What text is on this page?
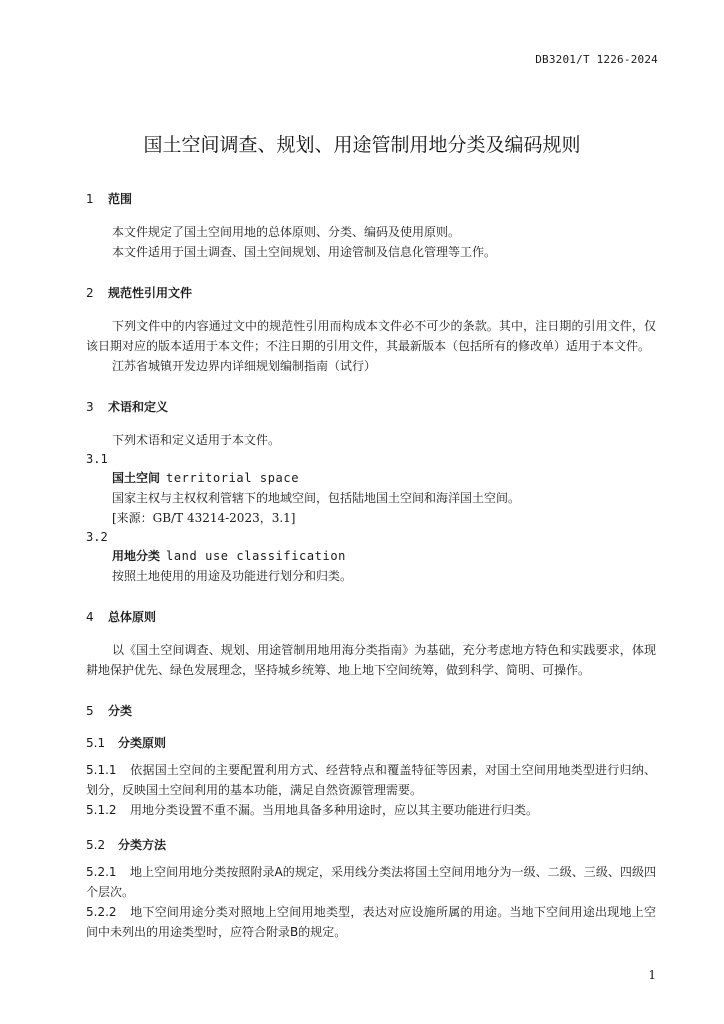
DB3201/T 1226-2024
国土空间调查、规划、用途管制用地分类及编码规则
1 范围

本文件规定了国土空间用地的总体原则、分类、编码及使用原则。

本文件适用于国土调查、国土空间规划、用途管制及信息化管理等工作。

2 规范性引用文件

下列文件中的内容通过文中的规范性引用而构成本文件必不可少的条款。其中，注日期的引用文件，仅该日期对应的版本适用于本文件；不注日期的引用文件，其最新版本（包括所有的修改单）适用于本文件。

江苏省城镇开发边界内详细规划编制指南（试行）

3 术语和定义

下列术语和定义适用于本文件。

3.1

国土空间 territorial space

国家主权与主权权利管辖下的地域空间，包括陆地国土空间和海洋国土空间。

[来源：GB/T 43214-2023，3.1]

3.2

用地分类 land use classification

按照土地使用的用途及功能进行划分和归类。

4 总体原则

以《国土空间调查、规划、用途管制用地用海分类指南》为基础，充分考虑地方特色和实践要求，体现耕地保护优先、绿色发展理念，坚持城乡统筹、地上地下空间统筹，做到科学、简明、可操作。

5 分类
5.1 分类原则

5.1.1 依据国土空间的主要配置利用方式、经营特点和覆盖特征等因素，对国土空间用地类型进行归纳、划分，反映国土空间利用的基本功能，满足自然资源管理需要。

5.1.2 用地分类设置不重不漏。当用地具备多种用途时，应以其主要功能进行归类。

5.2 分类方法

5.2.1 地上空间用地分类按照附录A的规定，采用线分类法将国土空间用地分为一级、二级、三级、四级四个层次。

5.2.2 地下空间用途分类对照地上空间用地类型，表达对应设施所属的用途。当地下空间用途出现地上空间中未列出的用途类型时，应符合附录B的规定。

1
